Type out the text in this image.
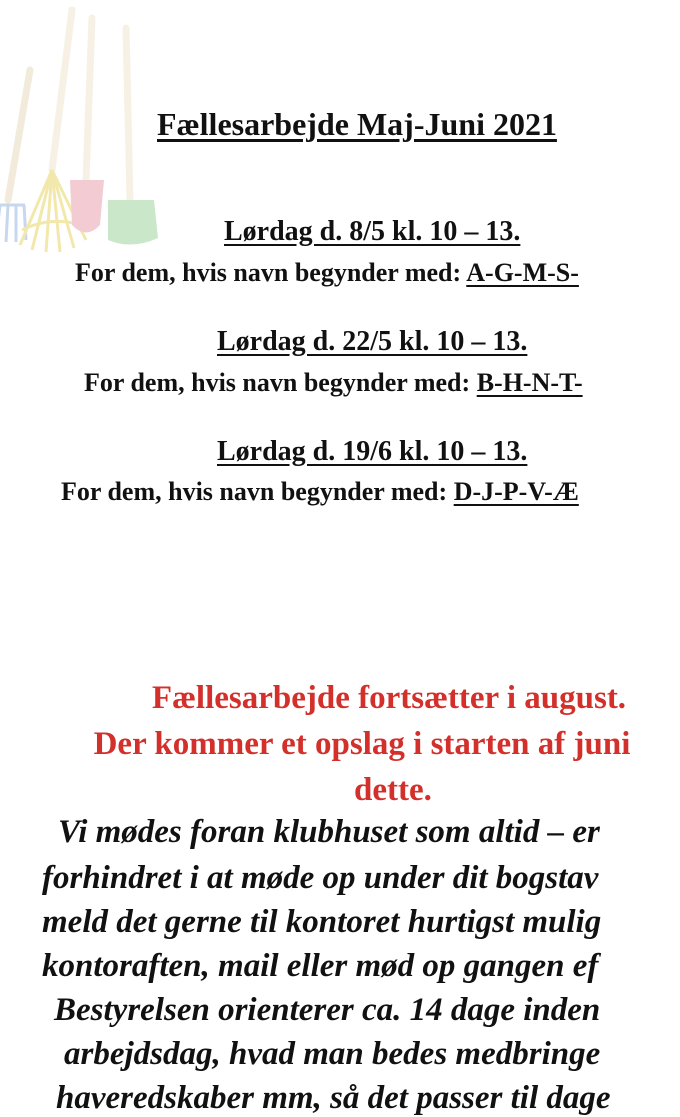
Fællesarbejde Maj-Juni 2021
Lørdag d. 8/5 kl. 10 – 13.
For dem, hvis navn begynder med: A-G-M-S-
Lørdag d. 22/5 kl. 10 – 13.
For dem, hvis navn begynder med: B-H-N-T-
Lørdag d. 19/6 kl. 10 – 13.
For dem, hvis navn begynder med: D-J-P-V-Æ
Fællesarbejde fortsætter i august.
Der kommer et opslag i starten af juni
dette.
Vi mødes foran klubhuset som altid – er
forhindret i at møde op under dit bogstav
meld det gerne til kontoret hurtigst mulig
kontoraften, mail eller mød op gangen ef
Bestyrelsen orienterer ca. 14 dage inden
arbejdsdag, hvad man bedes medbringe
haveredskaber mm, så det passer til dage
